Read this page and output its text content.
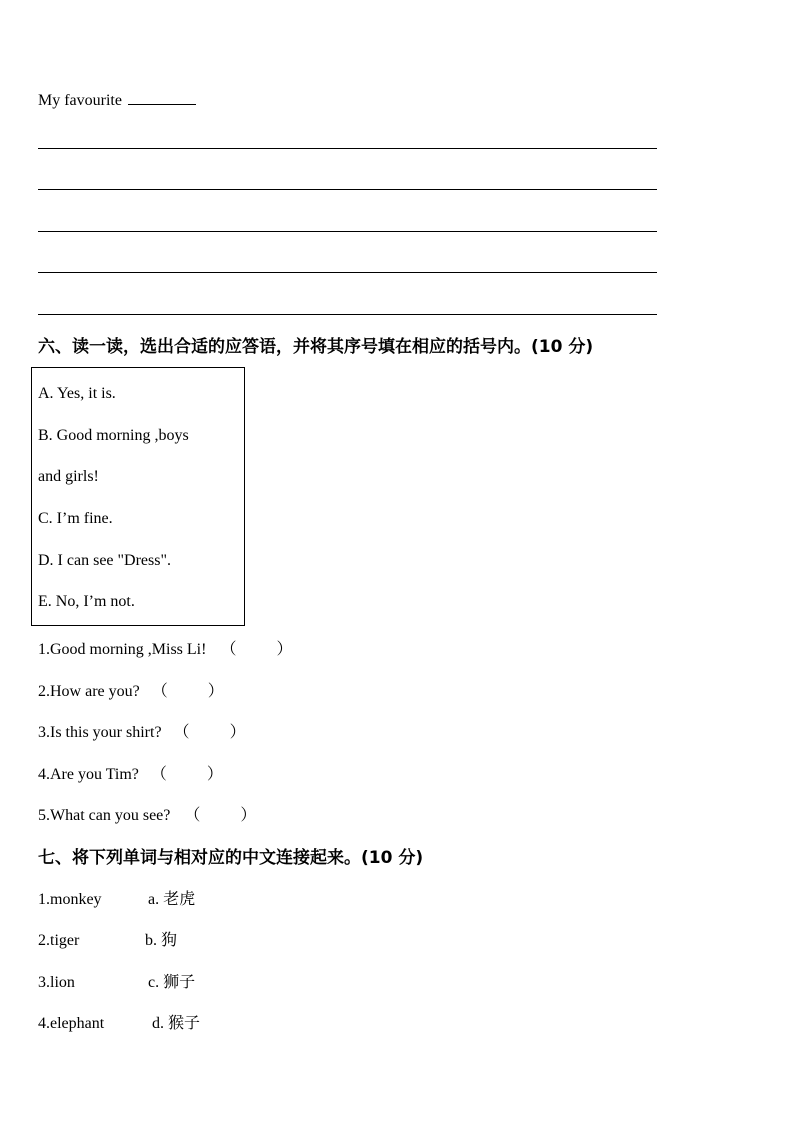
My favourite
六、读一读，选出合适的应答语，并将其序号填在相应的括号内。(10 分)
A. Yes, it is.
B. Good morning ,boys
and girls!
C. I’m fine.
D. I can see "Dress".
E. No, I’m not.
1.Good morning ,Miss Li! （	）
2.How are you? （	）
3.Is this your shirt? （	）
4.Are you Tim? （	）
5.What can you see? （	）
七、将下列单词与相对应的中文连接起来。(10 分)
1.monkey	a. 老虎
2.tiger	b. 狗
3.lion	c. 狮子
4.elephant	d. 猴子
